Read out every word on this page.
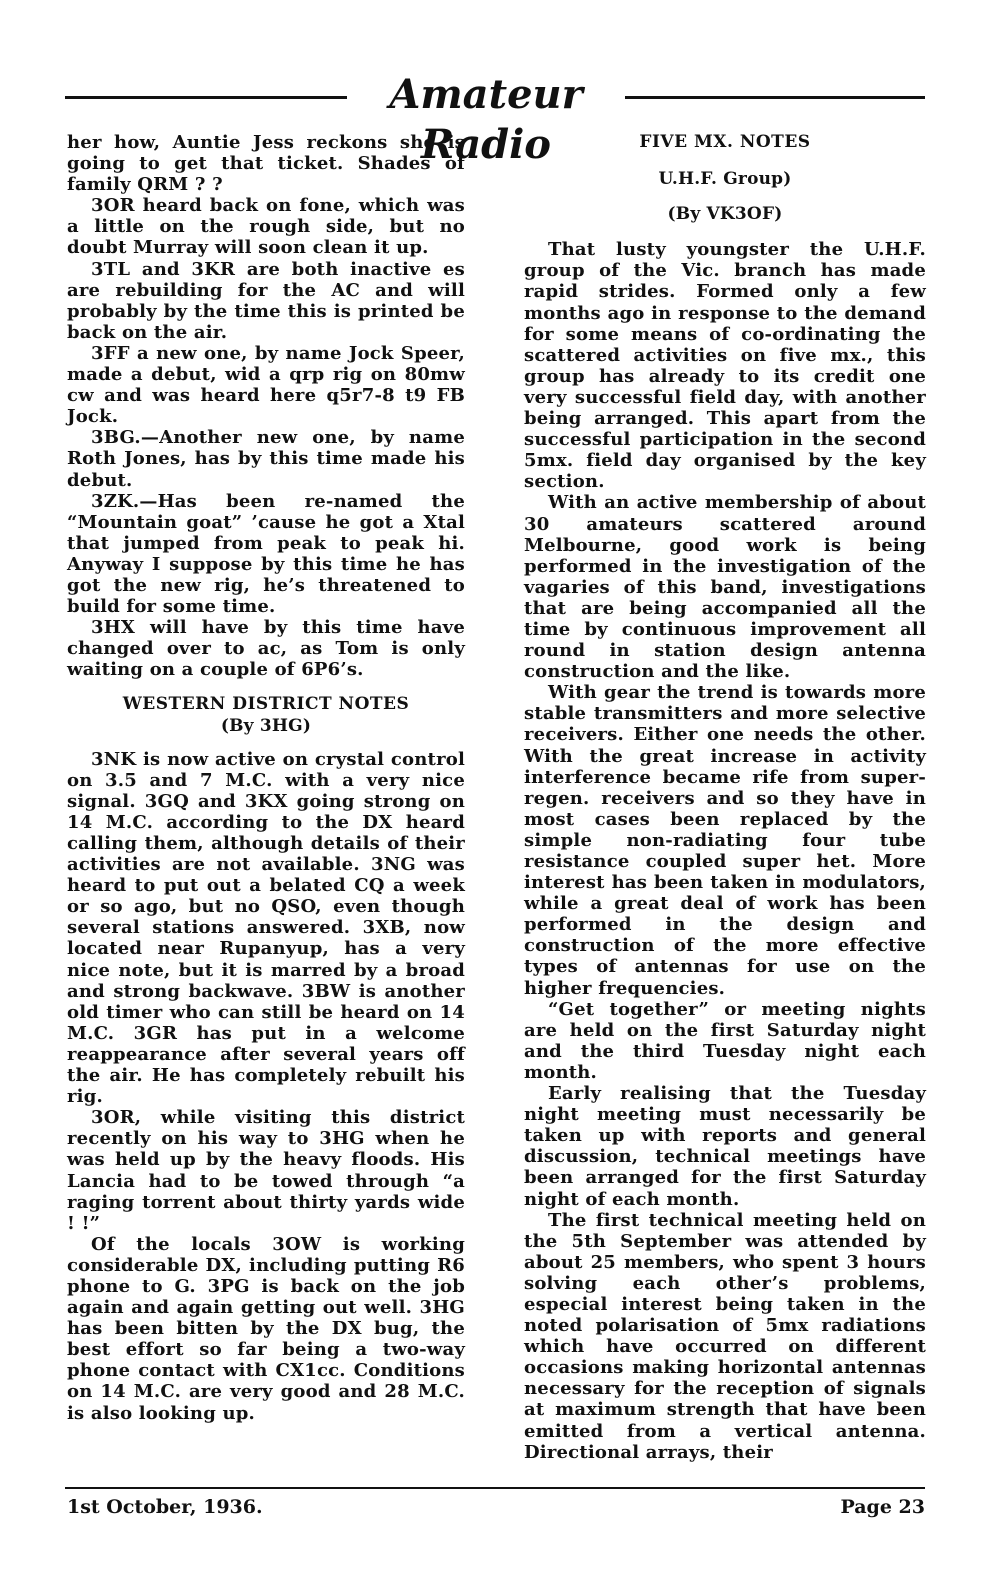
Amateur Radio

her how, Auntie Jess reckons she is going to get that ticket. Shades of family QRM ? ?

3OR heard back on fone, which was a little on the rough side, but no doubt Murray will soon clean it up.

3TL and 3KR are both inactive es are rebuilding for the AC and will probably by the time this is printed be back on the air.

3FF a new one, by name Jock Speer, made a debut, wid a qrp rig on 80mw cw and was heard here q5r7-8 t9 FB Jock.

3BG.—Another new one, by name Roth Jones, has by this time made his debut.

3ZK.—Has been re-named the “Mountain goat” ’cause he got a Xtal that jumped from peak to peak hi. Anyway I suppose by this time he has got the new rig, he’s threatened to build for some time.

3HX will have by this time have changed over to ac, as Tom is only waiting on a couple of 6P6’s.

WESTERN DISTRICT NOTES
(By 3HG)

3NK is now active on crystal control on 3.5 and 7 M.C. with a very nice signal. 3GQ and 3KX going strong on 14 M.C. according to the DX heard calling them, although details of their activities are not available. 3NG was heard to put out a belated CQ a week or so ago, but no QSO, even though several stations answered. 3XB, now located near Rupanyup, has a very nice note, but it is marred by a broad and strong backwave. 3BW is another old timer who can still be heard on 14 M.C. 3GR has put in a welcome reappearance after several years off the air. He has completely rebuilt his rig.

3OR, while visiting this district recently on his way to 3HG when he was held up by the heavy floods. His Lancia had to be towed through “a raging torrent about thirty yards wide ! !”

Of the locals 3OW is working considerable DX, including putting R6 phone to G. 3PG is back on the job again and again getting out well. 3HG has been bitten by the DX bug, the best effort so far being a two-way phone contact with CX1cc. Conditions on 14 M.C. are very good and 28 M.C. is also looking up.

FIVE MX. NOTES
U.H.F. Group)
(By VK3OF)

That lusty youngster the U.H.F. group of the Vic. branch has made rapid strides. Formed only a few months ago in response to the demand for some means of co-ordinating the scattered activities on five mx., this group has already to its credit one very successful field day, with another being arranged. This apart from the successful participation in the second 5mx. field day organised by the key section.

With an active membership of about 30 amateurs scattered around Melbourne, good work is being performed in the investigation of the vagaries of this band, investigations that are being accompanied all the time by continuous improvement all round in station design antenna construction and the like.

With gear the trend is towards more stable transmitters and more selective receivers. Either one needs the other. With the great increase in activity interference became rife from super-regen. receivers and so they have in most cases been replaced by the simple non-radiating four tube resistance coupled super het. More interest has been taken in modulators, while a great deal of work has been performed in the design and construction of the more effective types of antennas for use on the higher frequencies.

“Get together” or meeting nights are held on the first Saturday night and the third Tuesday night each month.

Early realising that the Tuesday night meeting must necessarily be taken up with reports and general discussion, technical meetings have been arranged for the first Saturday night of each month.

The first technical meeting held on the 5th September was attended by about 25 members, who spent 3 hours solving each other’s problems, especial interest being taken in the noted polarisation of 5mx radiations which have occurred on different occasions making horizontal antennas necessary for the reception of signals at maximum strength that have been emitted from a vertical antenna. Directional arrays, their

1st October, 1936.	Page 23
